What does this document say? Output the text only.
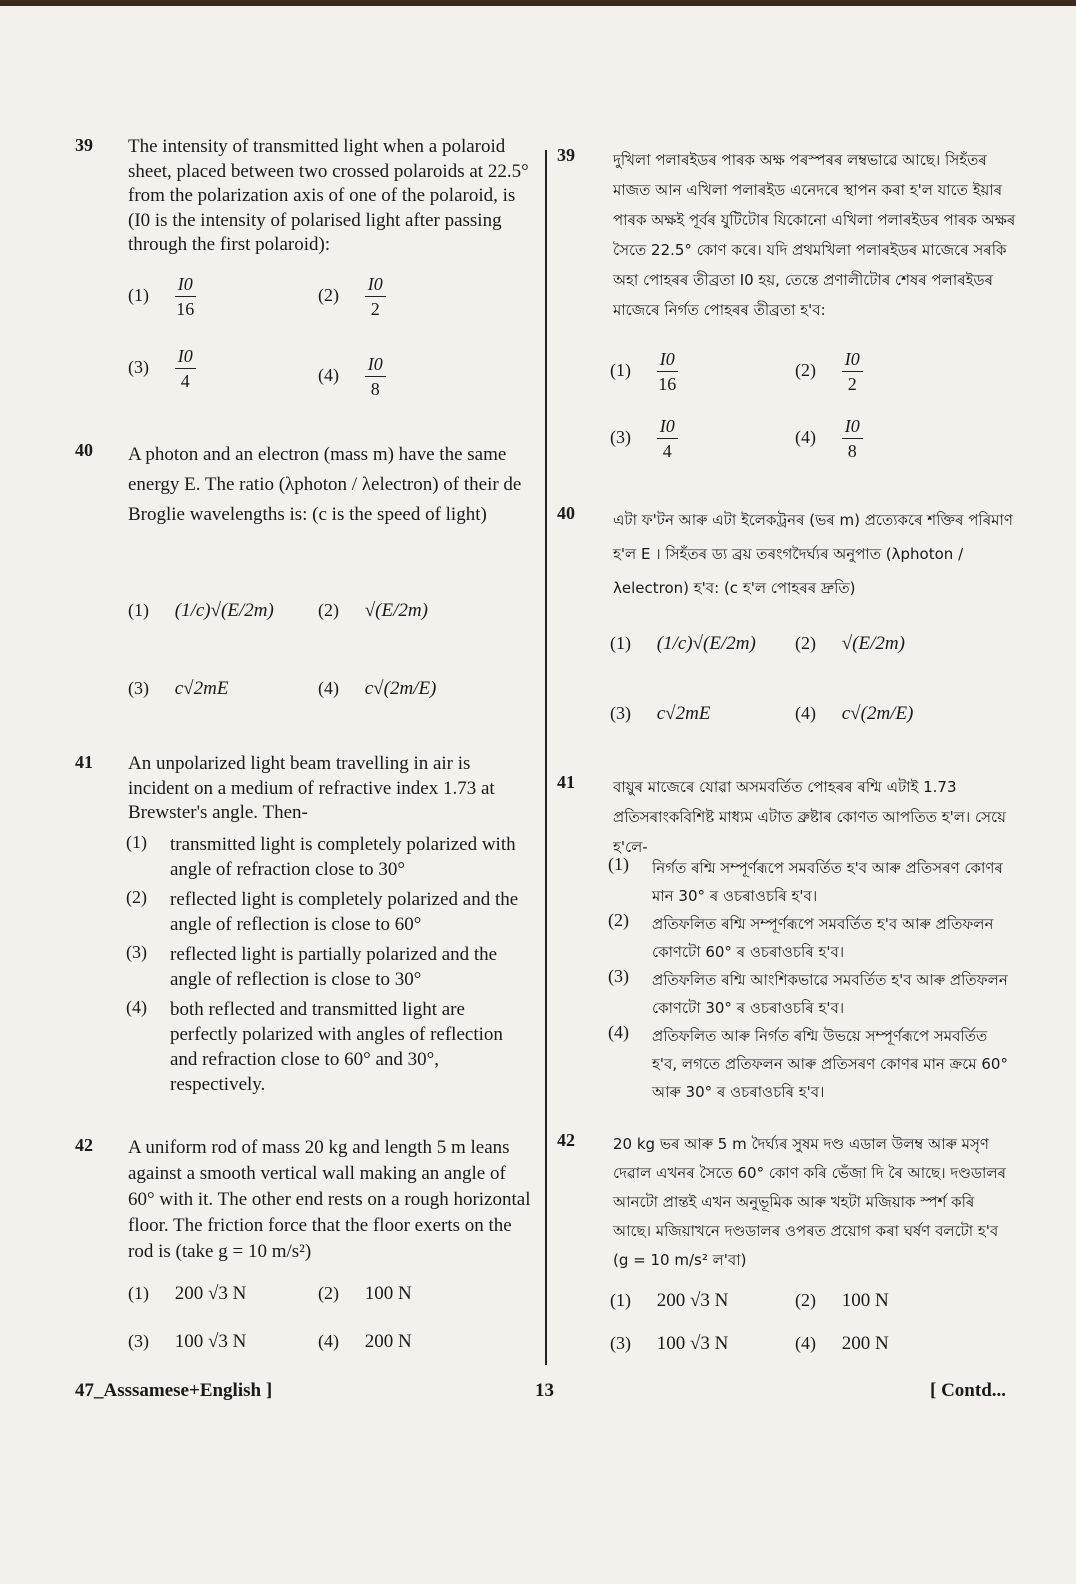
39 The intensity of transmitted light when a polaroid sheet, placed between two crossed polaroids at 22.5° from the polarization axis of one of the polaroid, is (I0 is the intensity of polarised light after passing through the first polaroid):
$(1) \frac{I0}{16}$	$(2) \frac{I0}{2}$
$(3) \frac{I0}{4}$	$(4) \frac{I0}{8}$
40 A photon and an electron (mass m) have the same energy E. The ratio (λphoton / λelectron) of their de Broglie wavelengths is: (c is the speed of light)
(1) (1/c)√(E/2m) (2) √(E/2m)
(3) c√2mE	(4) c√(2m/E)
41 An unpolarized light beam travelling in air is incident on a medium of refractive index 1.73 at Brewster's angle. Then-
(1) transmitted light is completely polarized with angle of refraction close to 30°
(2) reflected light is completely polarized and the angle of reflection is close to 60°
(3) reflected light is partially polarized and the angle of reflection is close to 30°
(4) both reflected and transmitted light are perfectly polarized with angles of reflection and refraction close to 60° and 30°, respectively.
42 A uniform rod of mass 20 kg and length 5 m leans against a smooth vertical wall making an angle of 60° with it. The other end rests on a rough horizontal floor. The friction force that the floor exerts on the rod is (take g = 10 m/s²)
(1) 200 √3 N	(2) 100 N
(3) 100 √3 N	(4) 200 N
39	দুখিলা পলাৰইডৰ পাৰক অক্ষ পৰস্পৰৰ লম্বভাৱে আছে। সিহঁতৰ মাজত আন এখিলা পলাৰইড এনেদৰে স্থাপন কৰা হ'ল যাতে ইয়াৰ পাৰক অক্ষই পূৰ্বৰ যুটিটোৰ যিকোনো এখিলা পলাৰইডৰ পাৰক অক্ষৰ সৈতে 22.5° কোণ কৰে। যদি প্ৰথমখিলা পলাৰইডৰ মাজেৰে সৰকি অহা পোহৰৰ তীব্ৰতা I0 হয়, তেন্তে প্ৰণালীটোৰ শেষৰ পলাৰইডৰ মাজেৰে নিৰ্গত পোহৰৰ তীব্ৰতা হ'ব:
$(1) \frac{I0}{16}$	$(2) \frac{I0}{2}$
$(3) \frac{I0}{4}$	$(4) \frac{I0}{8}$
40	এটা ফ'টন আৰু এটা ইলেকট্ৰনৰ (ভৰ m) প্ৰত্যেকৰে শক্তিৰ পৰিমাণ হ'ল E । সিহঁতৰ ড্য ব্ৰয় তৰংগদৈৰ্ঘ্যৰ অনুপাত (λphoton / λelectron) হ'ব: (c হ'ল পোহৰৰ দ্ৰুতি)
(1) (1/c)√(E/2m) (2) √(E/2m)
(3) c√2mE	(4) c√(2m/E)
41	বায়ুৰ মাজেৰে যোৱা অসমবৰ্তিত পোহৰৰ ৰশ্মি এটাই 1.73 প্ৰতিসৰাংকবিশিষ্ট মাধ্যম এটাত ব্ৰুষ্টাৰ কোণত আপতিত হ'ল। সেয়ে হ'লে-
(1) নিৰ্গত ৰশ্মি সম্পূৰ্ণৰূপে সমবৰ্তিত হ'ব আৰু প্ৰতিসৰণ কোণৰ মান 30° ৰ ওচৰাওচৰি হ'ব।
(2) প্ৰতিফলিত ৰশ্মি সম্পূৰ্ণৰূপে সমবৰ্তিত হ'ব আৰু প্ৰতিফলন কোণটো 60° ৰ ওচৰাওচৰি হ'ব।
(3) প্ৰতিফলিত ৰশ্মি আংশিকভাৱে সমবৰ্তিত হ'ব আৰু প্ৰতিফলন কোণটো 30° ৰ ওচৰাওচৰি হ'ব।
(4) প্ৰতিফলিত আৰু নিৰ্গত ৰশ্মি উভয়ে সম্পূৰ্ণৰূপে সমবৰ্তিত হ'ব, লগতে প্ৰতিফলন আৰু প্ৰতিসৰণ কোণৰ মান ক্ৰমে 60° আৰু 30° ৰ ওচৰাওচৰি হ'ব।
42	20 kg ভৰ আৰু 5 m দৈৰ্ঘ্যৰ সুষম দণ্ড এডাল উলম্ব আৰু মসৃণ দেৱাল এখনৰ সৈতে 60° কোণ কৰি ভেঁজা দি ৰৈ আছে। দণ্ডডালৰ আনটো প্ৰান্তই এখন অনুভূমিক আৰু খহটা মজিয়াক স্পৰ্শ কৰি আছে। মজিয়াখনে দণ্ডডালৰ ওপৰত প্ৰয়োগ কৰা ঘৰ্ষণ বলটো হ'ব (g = 10 m/s² ল'বা)
(1) 200 √3 N	(2) 100 N
(3) 100 √3 N	(4) 200 N
47_Asssamese+English ]	13	[ Contd...
